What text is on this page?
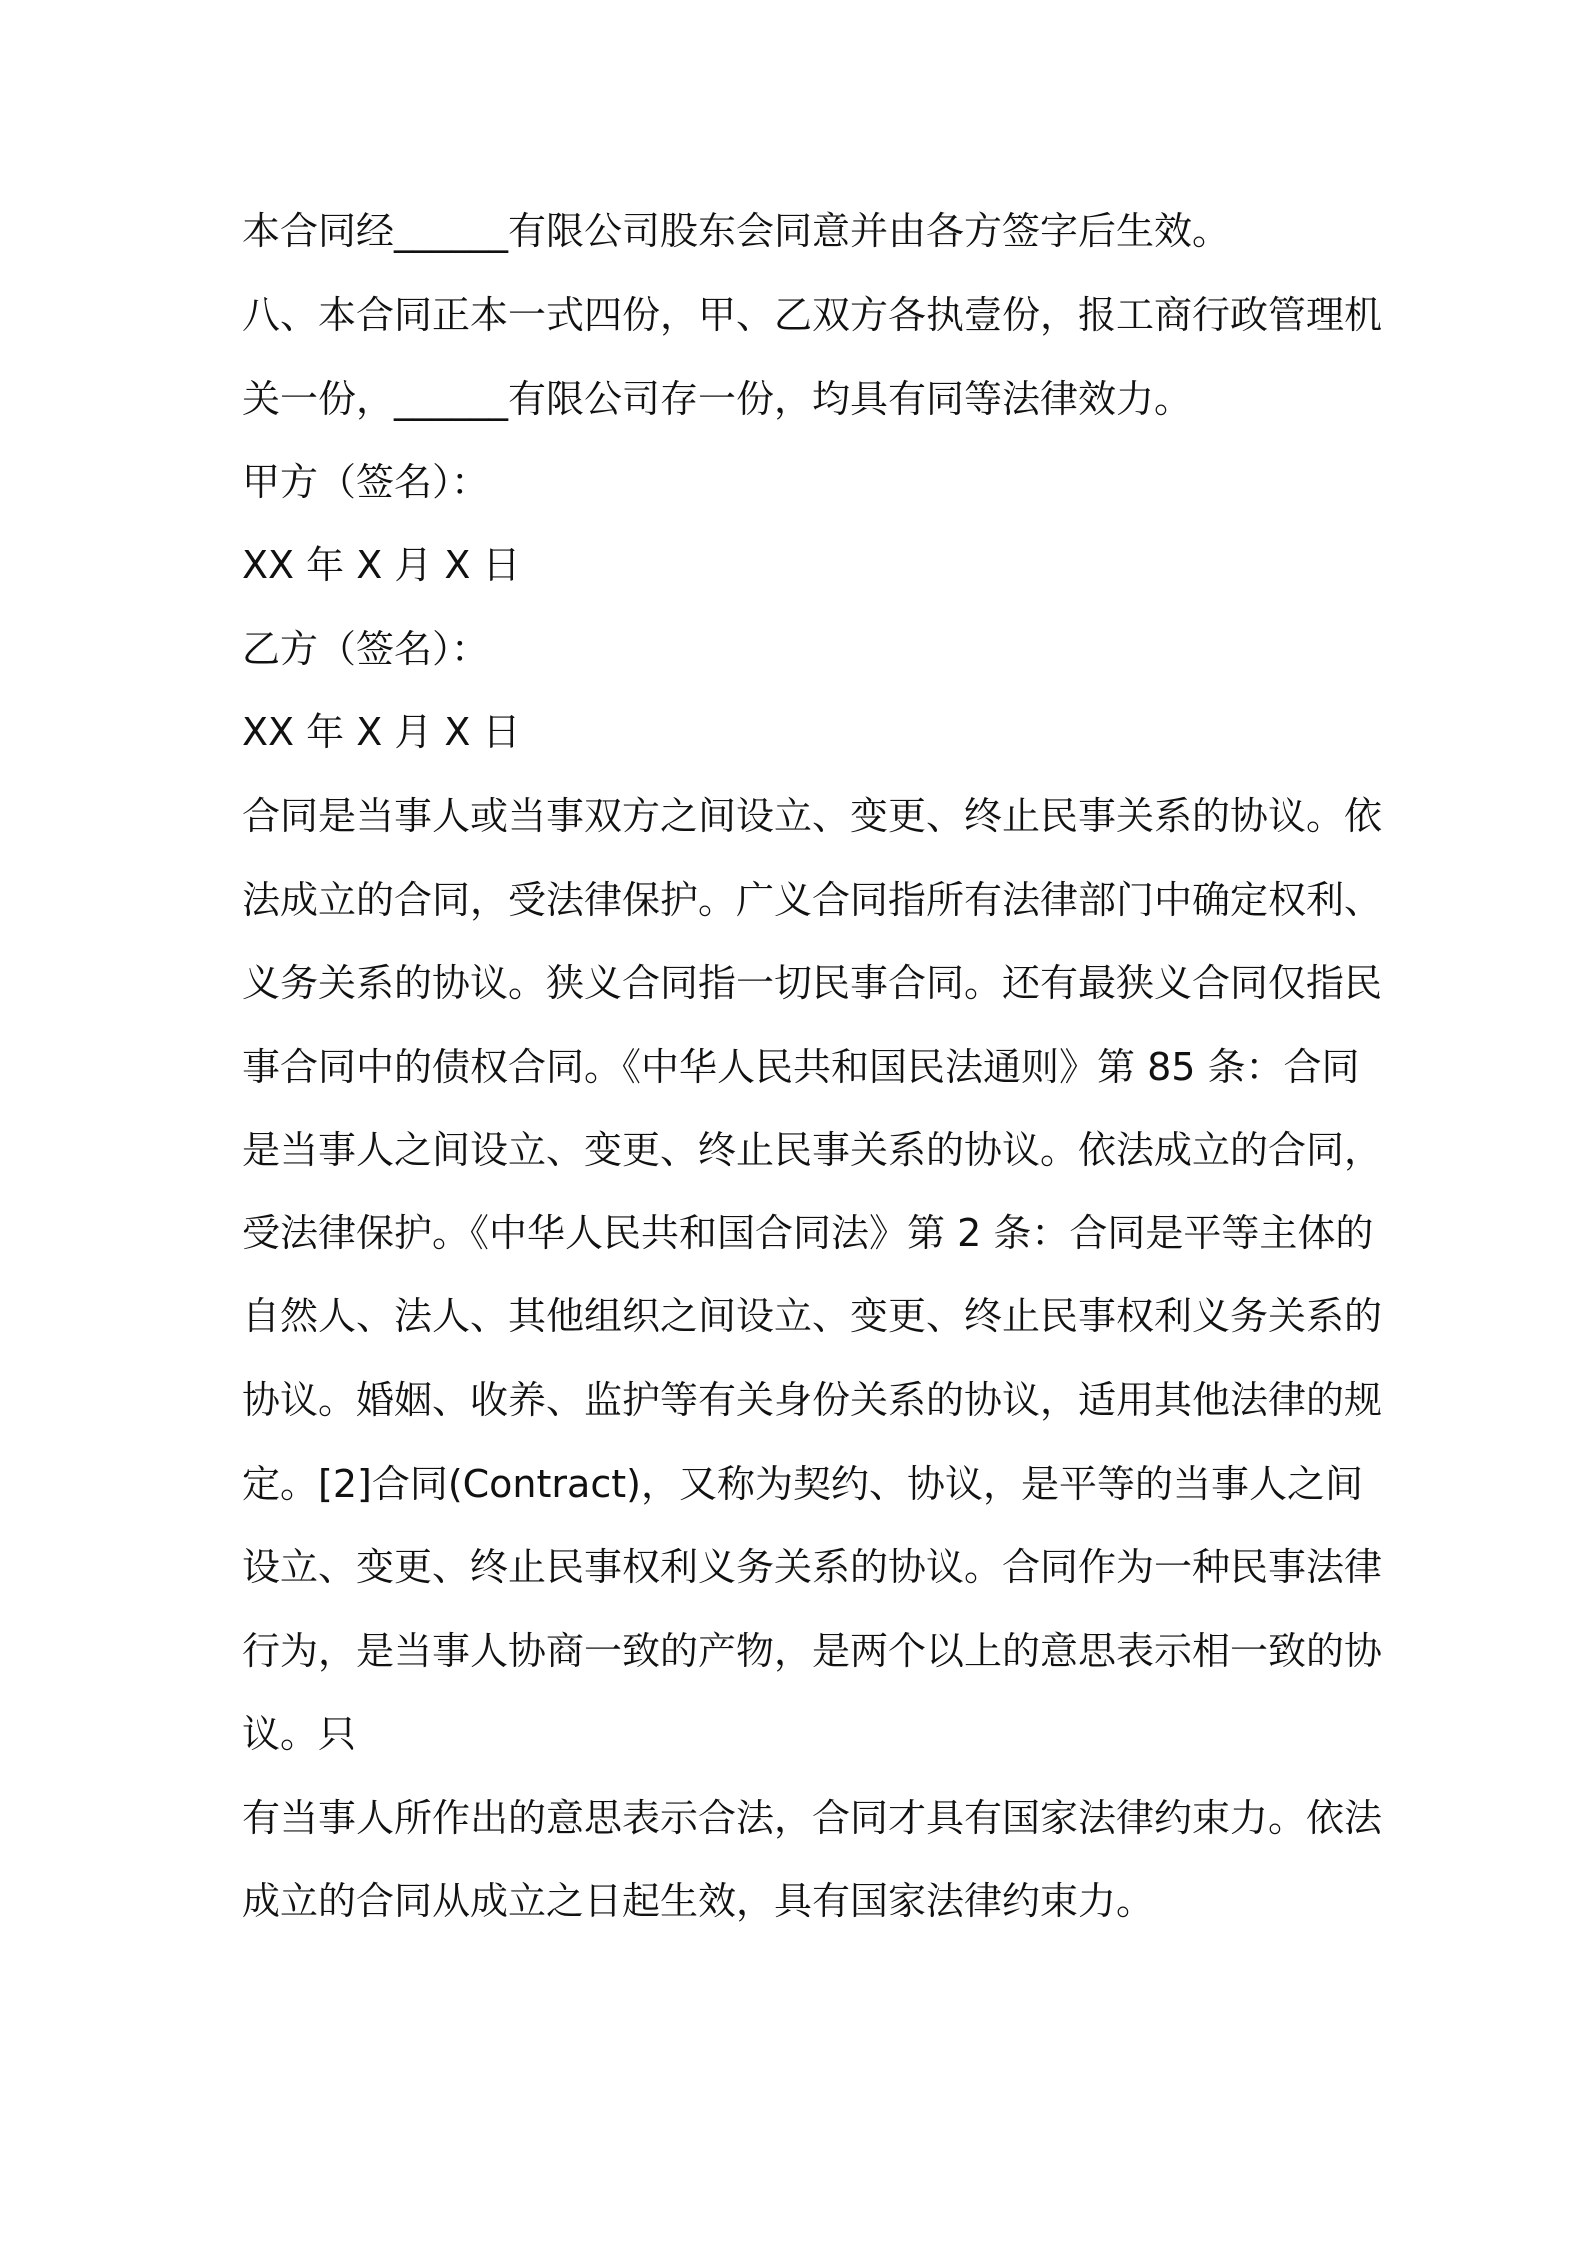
本合同经______有限公司股东会同意并由各方签字后生效。

八、本合同正本一式四份，甲、乙双方各执壹份，报工商行政管理机

关一份，______有限公司存一份，均具有同等法律效力。

甲方（签名）：

XX 年 X 月 X 日

乙方（签名）：

XX 年 X 月 X 日

合同是当事人或当事双方之间设立、变更、终止民事关系的协议。依

法成立的合同，受法律保护。广义合同指所有法律部门中确定权利、

义务关系的协议。狭义合同指一切民事合同。还有最狭义合同仅指民

事合同中的债权合同。《中华人民共和国民法通则》第 85 条：合同

是当事人之间设立、变更、终止民事关系的协议。依法成立的合同，

受法律保护。《中华人民共和国合同法》第 2 条：合同是平等主体的

自然人、法人、其他组织之间设立、变更、终止民事权利义务关系的

协议。婚姻、收养、监护等有关身份关系的协议，适用其他法律的规

定。[2]合同(Contract)，又称为契约、协议，是平等的当事人之间

设立、变更、终止民事权利义务关系的协议。合同作为一种民事法律

行为，是当事人协商一致的产物，是两个以上的意思表示相一致的协

议。只

有当事人所作出的意思表示合法，合同才具有国家法律约束力。依法

成立的合同从成立之日起生效，具有国家法律约束力。
